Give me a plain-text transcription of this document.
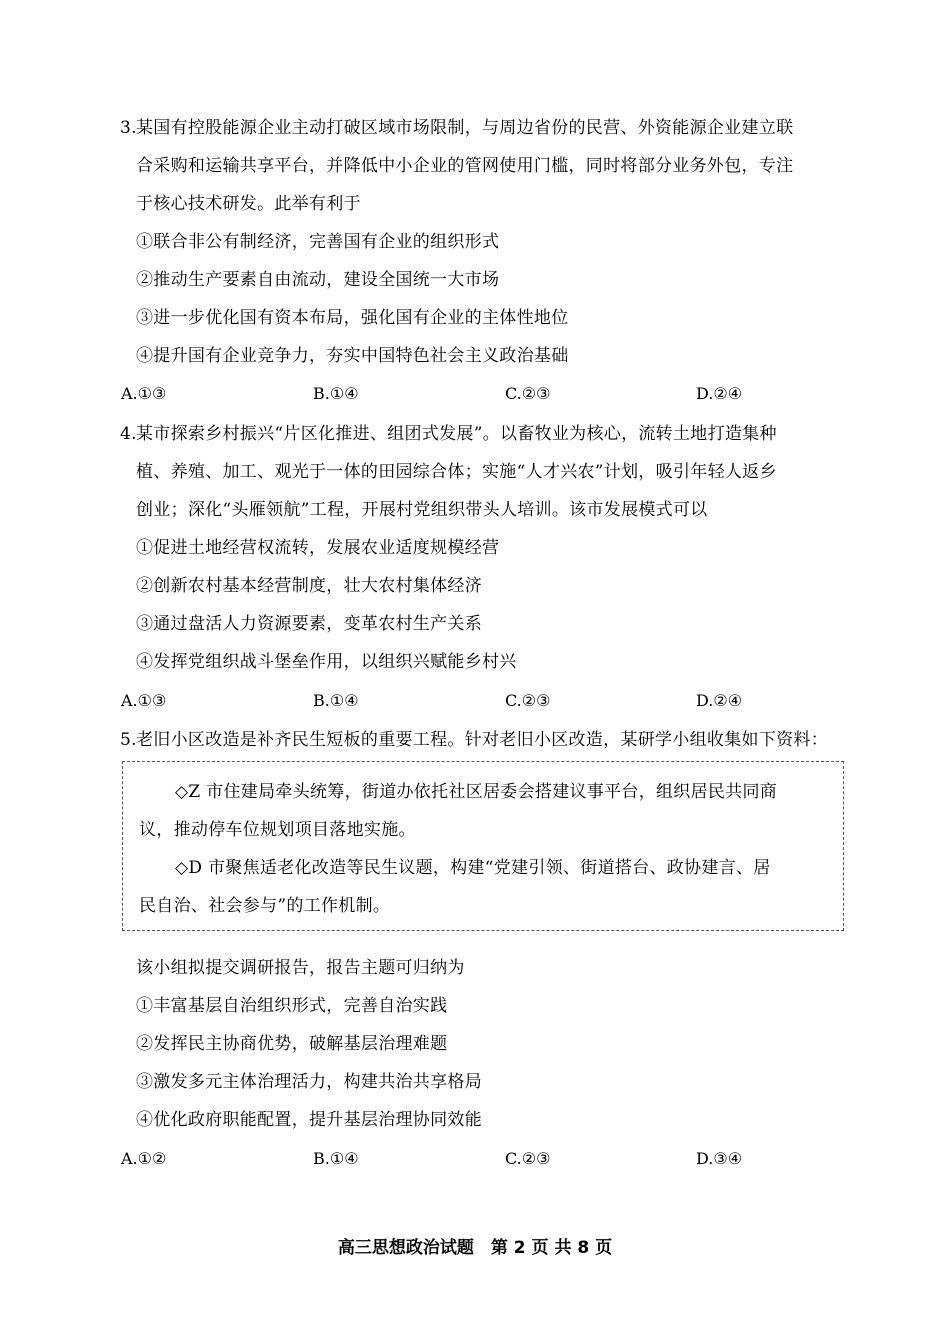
3.某国有控股能源企业主动打破区域市场限制，与周边省份的民营、外资能源企业建立联
合采购和运输共享平台，并降低中小企业的管网使用门槛，同时将部分业务外包，专注
于核心技术研发。此举有利于
①联合非公有制经济，完善国有企业的组织形式
②推动生产要素自由流动，建设全国统一大市场
③进一步优化国有资本布局，强化国有企业的主体性地位
④提升国有企业竞争力，夯实中国特色社会主义政治基础
A.①③	B.①④	C.②③	D.②④
4.某市探索乡村振兴“片区化推进、组团式发展”。以畜牧业为核心，流转土地打造集种
植、养殖、加工、观光于一体的田园综合体；实施“人才兴农”计划，吸引年轻人返乡
创业；深化“头雁领航”工程，开展村党组织带头人培训。该市发展模式可以
①促进土地经营权流转，发展农业适度规模经营
②创新农村基本经营制度，壮大农村集体经济
③通过盘活人力资源要素，变革农村生产关系
④发挥党组织战斗堡垒作用，以组织兴赋能乡村兴
A.①③	B.①④	C.②③	D.②④
5.老旧小区改造是补齐民生短板的重要工程。针对老旧小区改造，某研学小组收集如下资料：
◇Z 市住建局牵头统筹，街道办依托社区居委会搭建议事平台，组织居民共同商
议，推动停车位规划项目落地实施。
◇D 市聚焦适老化改造等民生议题，构建“党建引领、街道搭台、政协建言、居
民自治、社会参与”的工作机制。
该小组拟提交调研报告，报告主题可归纳为
①丰富基层自治组织形式，完善自治实践
②发挥民主协商优势，破解基层治理难题
③激发多元主体治理活力，构建共治共享格局
④优化政府职能配置，提升基层治理协同效能
A.①②	B.①④	C.②③	D.③④
高三思想政治试题　第 2 页 共 8 页
